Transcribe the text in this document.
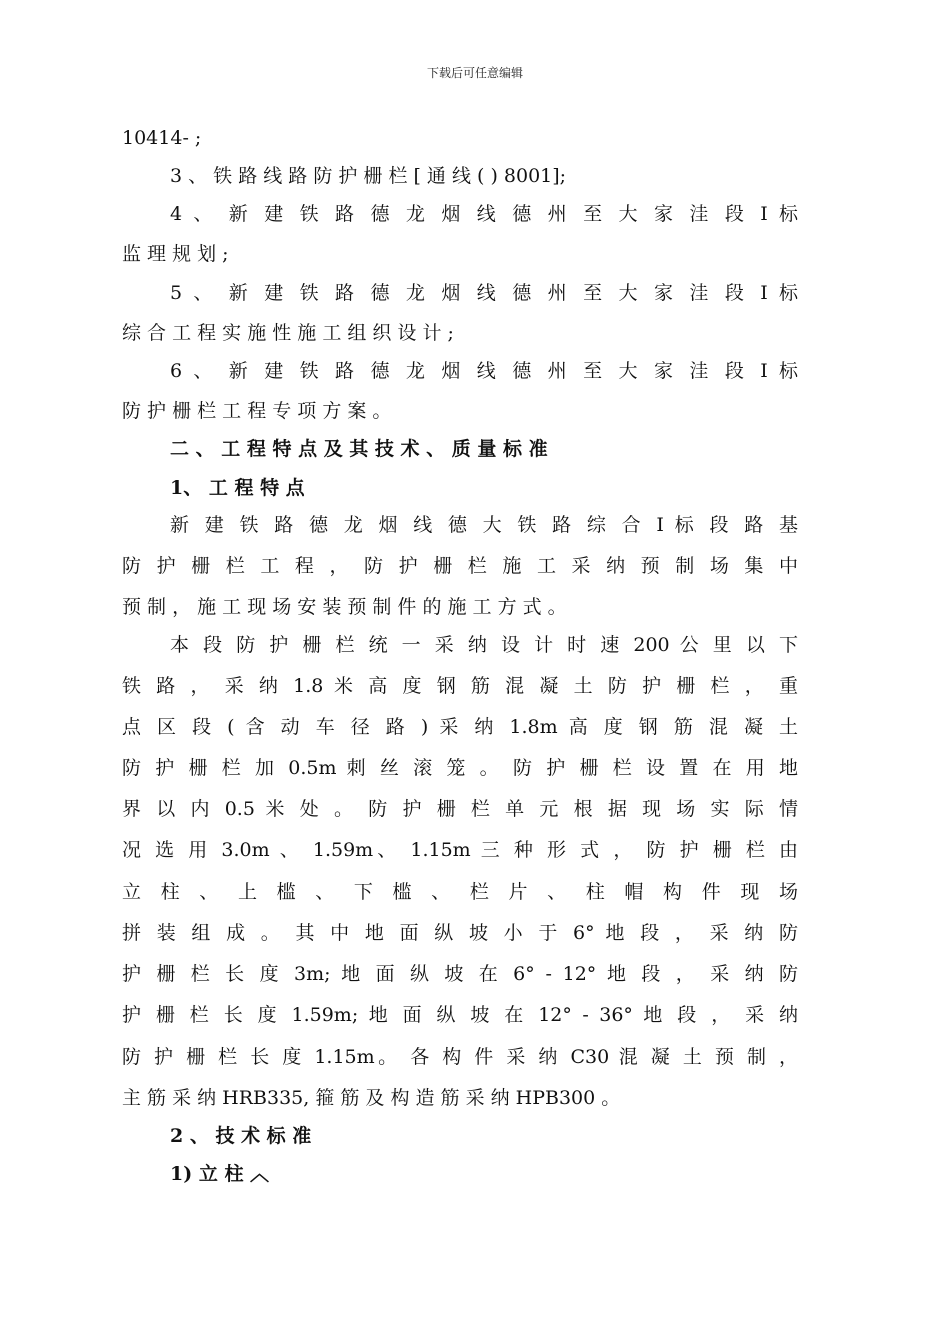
下载后可任意编辑
10414- ;
3 、 铁 路 线 路 防 护 栅 栏 [ 通 线 ( ) 8001];
4 、 新 建 铁 路 德 龙 烟 线 德 州 至 大 家 洼 段 I 标
监 理 规 划 ;
5 、 新 建 铁 路 德 龙 烟 线 德 州 至 大 家 洼 段 I 标
综 合 工 程 实 施 性 施 工 组 织 设 计 ;
6 、 新 建 铁 路 德 龙 烟 线 德 州 至 大 家 洼 段 I 标
防 护 栅 栏 工 程 专 项 方 案 。
二 、 工 程 特 点 及 其 技 术 、 质 量 标 准
1、 工 程 特 点
新 建 铁 路 德 龙 烟 线 德 大 铁 路 综 合 I 标 段 路 基
防 护 栅 栏 工 程 ， 防 护 栅 栏 施 工 采 纳 预 制 场 集 中
预 制 ， 施 工 现 场 安 装 预 制 件 的 施 工 方 式 。
本 段 防 护 栅 栏 统 一 采 纳 设 计 时 速 200 公 里 以 下
铁 路 ， 采 纳 1.8 米 高 度 钢 筋 混 凝 土 防 护 栅 栏 ， 重
点 区 段 ( 含 动 车 径 路 ) 采 纳 1.8m 高 度 钢 筋 混 凝 土
防 护 栅 栏 加 0.5m 刺 丝 滚 笼 。 防 护 栅 栏 设 置 在 用 地
界 以 内 0.5 米 处 。 防 护 栅 栏 单 元 根 据 现 场 实 际 情
况 选 用 3.0m 、 1.59m、 1.15m 三 种 形 式 ， 防 护 栅 栏 由
立 柱 、 上 槛 、 下 槛 、 栏 片 、 柱 帽 构 件 现 场
拼 装 组 成 。 其 中 地 面 纵 坡 小 于 6° 地 段 ， 采 纳 防
护 栅 栏 长 度 3m; 地 面 纵 坡 在 6° - 12° 地 段 ， 采 纳 防
护 栅 栏 长 度 1.59m; 地 面 纵 坡 在 12° - 36° 地 段 ， 采 纳
防 护 栅 栏 长 度 1.15m。 各 构 件 采 纳 C30 混 凝 土 预 制 ，
主 筋 采 纳 HRB335, 箍 筋 及 构 造 筋 采 纳 HPB300 。
2 、 技 术 标 准
1) 立 柱 ︿
